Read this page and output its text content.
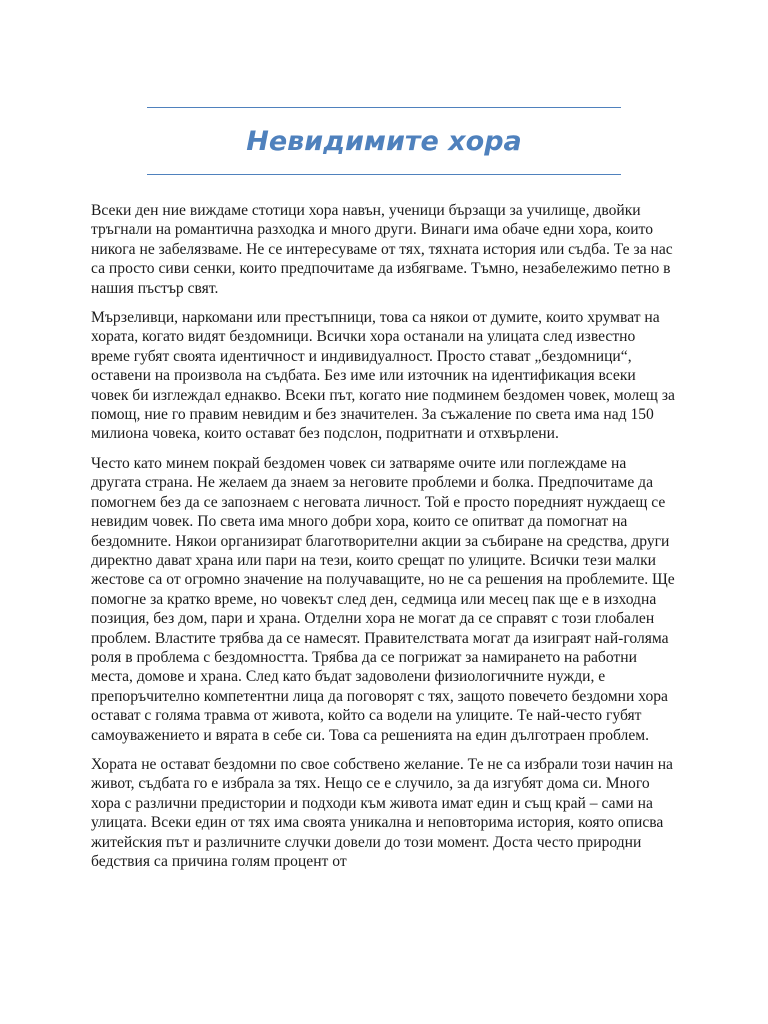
Невидимите хора

Всеки ден ние виждаме стотици хора навън, ученици бързащи за училище, двойки тръгнали на романтична разходка и много други. Винаги има обаче едни хора, които никога не забелязваме. Не се интересуваме от тях, тяхната история или съдба. Те за нас са просто сиви сенки, които предпочитаме да избягваме. Тъмно, незабележимо петно в нашия пъстър свят.

Мързеливци, наркомани или престъпници, това са някои от думите, които хрумват на хората, когато видят бездомници. Всички хора останали на улицата след известно време губят своята идентичност и индивидуалност. Просто стават „бездомници“, оставени на произвола на съдбата. Без име или източник на идентификация всеки човек би изглеждал еднакво. Всеки път, когато ние подминем бездомен човек, молещ за помощ, ние го правим невидим и без значителен. За съжаление по света има над 150 милиона човека, които остават без подслон, подритнати и отхвърлени.

Често като минем покрай бездомен човек си затваряме очите или поглеждаме на другата страна. Не желаем да знаем за неговите проблеми и болка. Предпочитаме да помогнем без да се запознаем с неговата личност. Той е просто поредният нуждаещ се невидим човек. По света има много добри хора, които се опитват да помогнат на бездомните. Някои организират благотворителни акции за събиране на средства, други директно дават храна или пари на тези, които срещат по улиците. Всички тези малки жестове са от огромно значение на получаващите, но не са решения на проблемите. Ще помогне за кратко време, но човекът след ден, седмица или месец пак ще е в изходна позиция, без дом, пари и храна. Отделни хора не могат да се справят с този глобален проблем. Властите трябва да се намесят. Правителствата могат да изиграят най-голяма роля в проблема с бездомността. Трябва да се погрижат за намирането на работни места, домове и храна. След като бъдат задоволени физиологичните нужди, е препоръчително компетентни лица да поговорят с тях, защото повечето бездомни хора остават с голяма травма от живота, който са водели на улиците. Те най-често губят самоуважението и вярата в себе си. Това са решенията на един дълготраен проблем.

Хората не остават бездомни по свое собствено желание. Те не са избрали този начин на живот, съдбата го е избрала за тях. Нещо се е случило, за да изгубят дома си. Много хора с различни предистории и подходи към живота имат един и същ край – сами на улицата. Всеки един от тях има своята уникална и неповторима история, която описва житейския път и различните случки довели до този момент. Доста често природни бедствия са причина голям процент от
